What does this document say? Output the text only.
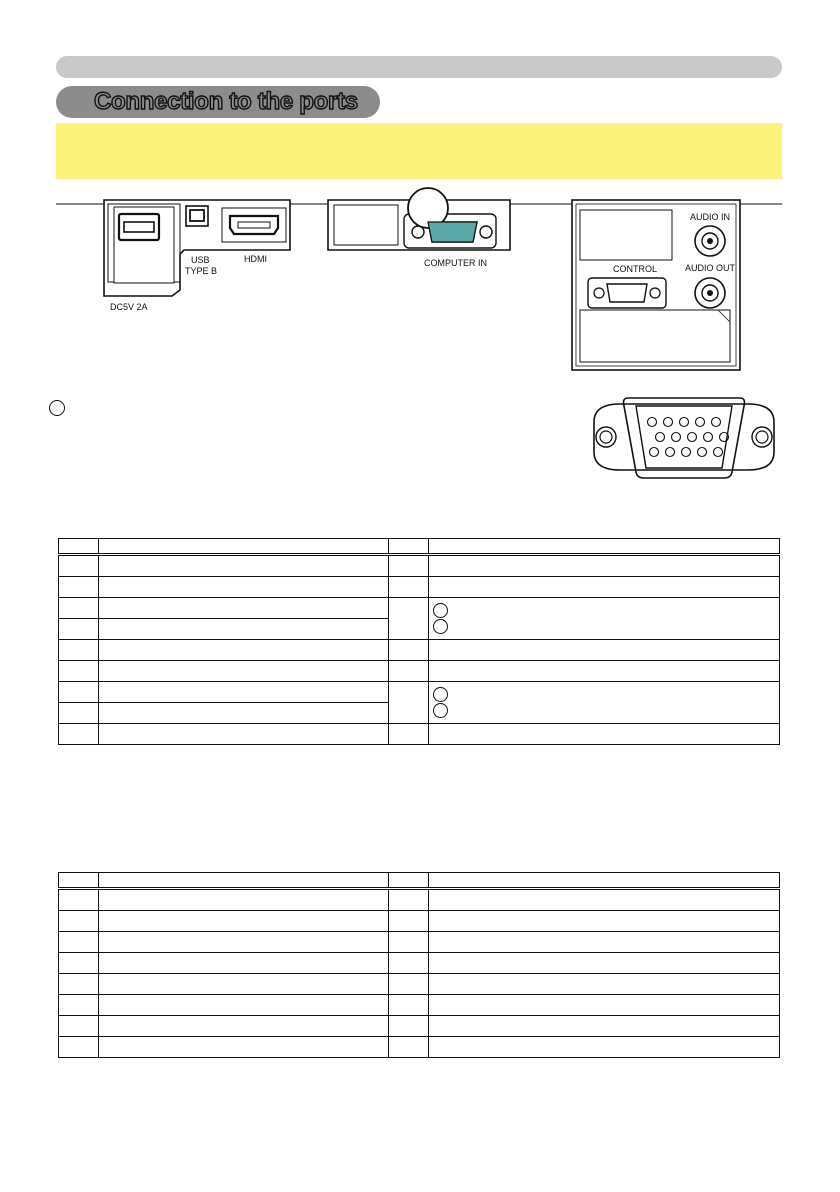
Connection to the ports
USB
TYPE B
HDMI
DC5V 2A
COMPUTER IN
AUDIO IN
CONTROL	AUDIO OUT
